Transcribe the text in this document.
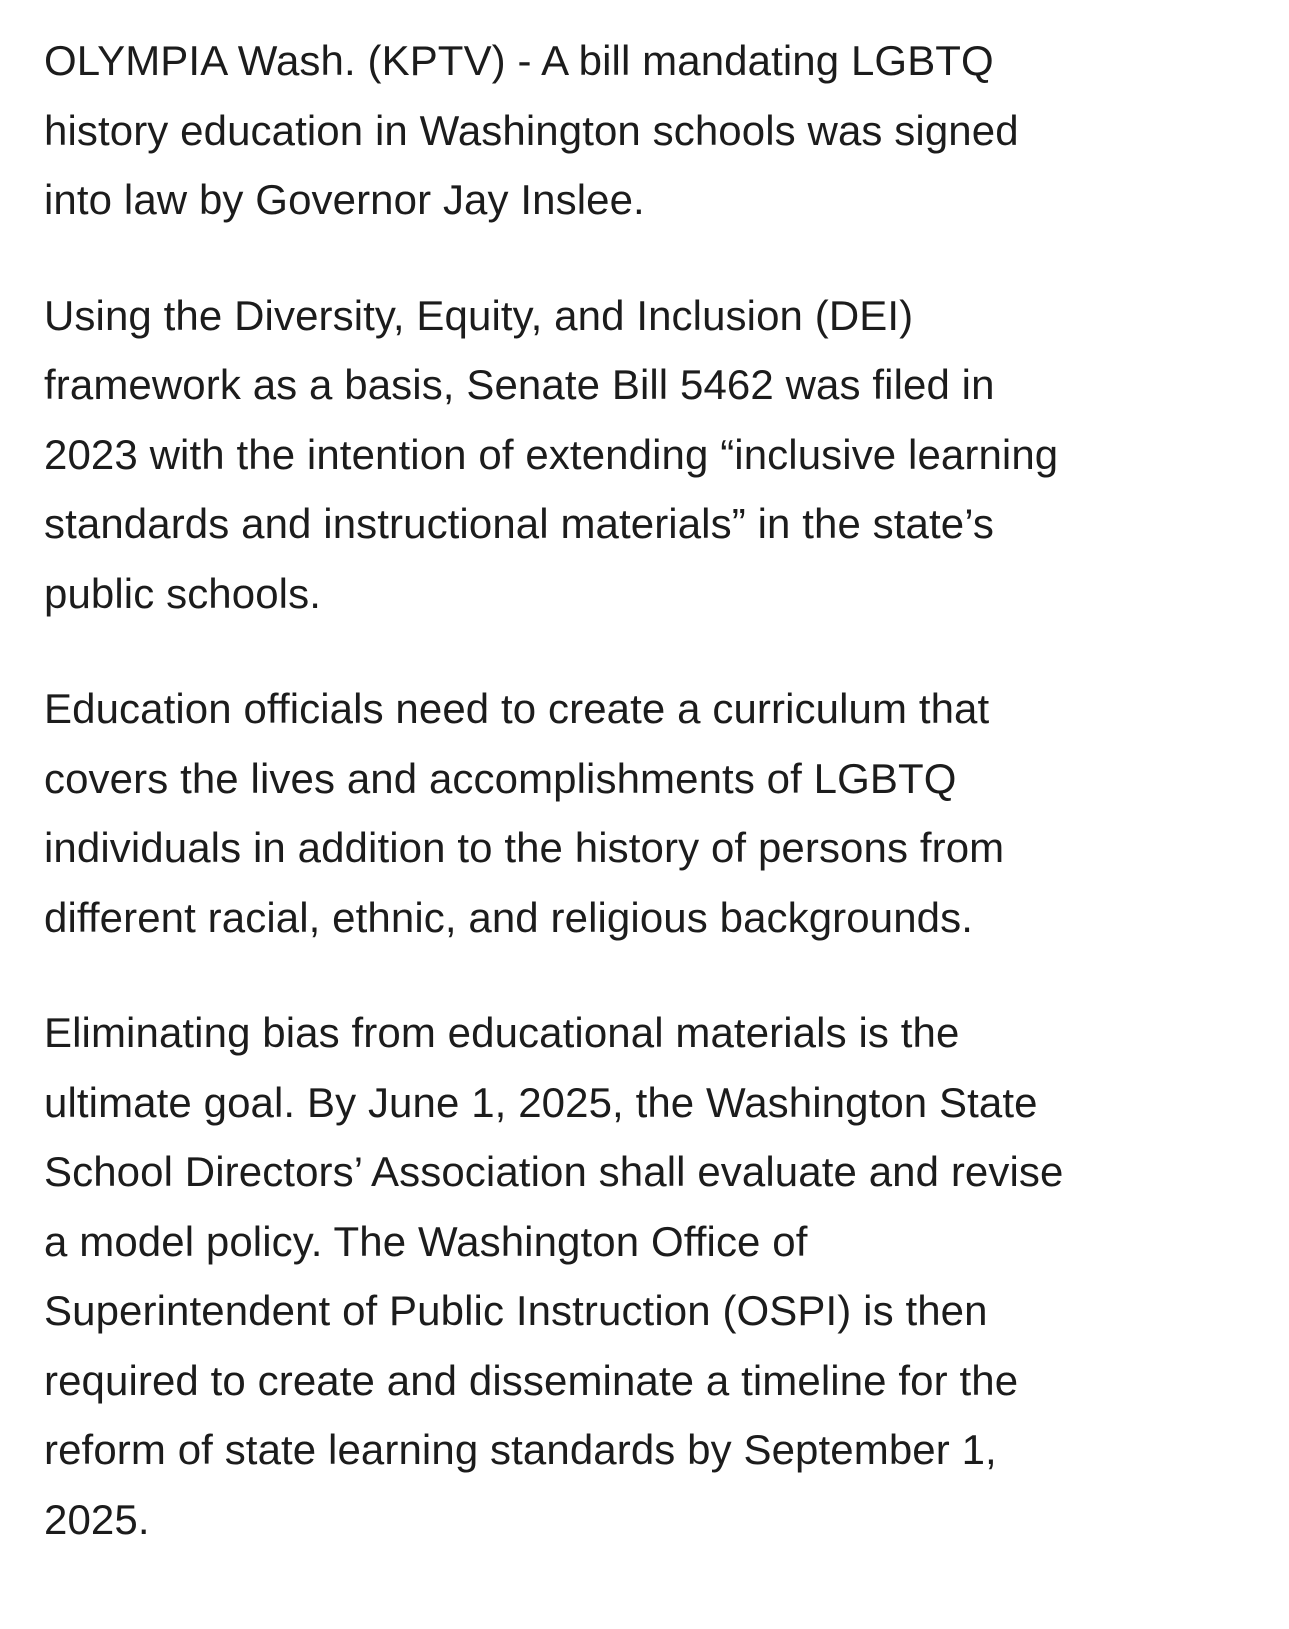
OLYMPIA Wash. (KPTV) - A bill mandating LGBTQ
history education in Washington schools was signed
into law by Governor Jay Inslee.

Using the Diversity, Equity, and Inclusion (DEI)
framework as a basis, Senate Bill 5462 was filed in
2023 with the intention of extending “inclusive learning
standards and instructional materials” in the state’s
public schools.

Education officials need to create a curriculum that
covers the lives and accomplishments of LGBTQ
individuals in addition to the history of persons from
different racial, ethnic, and religious backgrounds.

Eliminating bias from educational materials is the
ultimate goal. By June 1, 2025, the Washington State
School Directors’ Association shall evaluate and revise
a model policy. The Washington Office of
Superintendent of Public Instruction (OSPI) is then
required to create and disseminate a timeline for the
reform of state learning standards by September 1,
2025.
